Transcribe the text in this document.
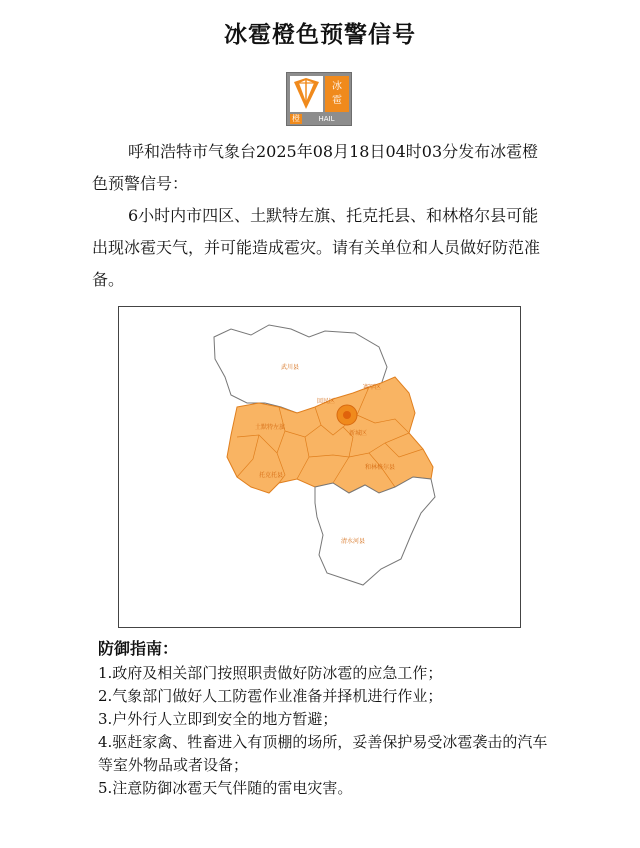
冰雹橙色预警信号
冰
雹
橙	HAIL

呼和浩特市气象台2025年08月18日04时03分发布冰雹橙色预警信号：

6小时内市四区、土默特左旗、托克托县、和林格尔县可能出现冰雹天气，并可能造成雹灾。请有关单位和人员做好防范准备。

武川县
土默特左旗
赛罕区
回民区
新城区
托克托县
和林格尔县
清水河县
防御指南：
1.政府及相关部门按照职责做好防冰雹的应急工作；
2.气象部门做好人工防雹作业准备并择机进行作业；
3.户外行人立即到安全的地方暂避；
4.驱赶家禽、牲畜进入有顶棚的场所，妥善保护易受冰雹袭击的汽车等室外物品或者设备；
5.注意防御冰雹天气伴随的雷电灾害。
